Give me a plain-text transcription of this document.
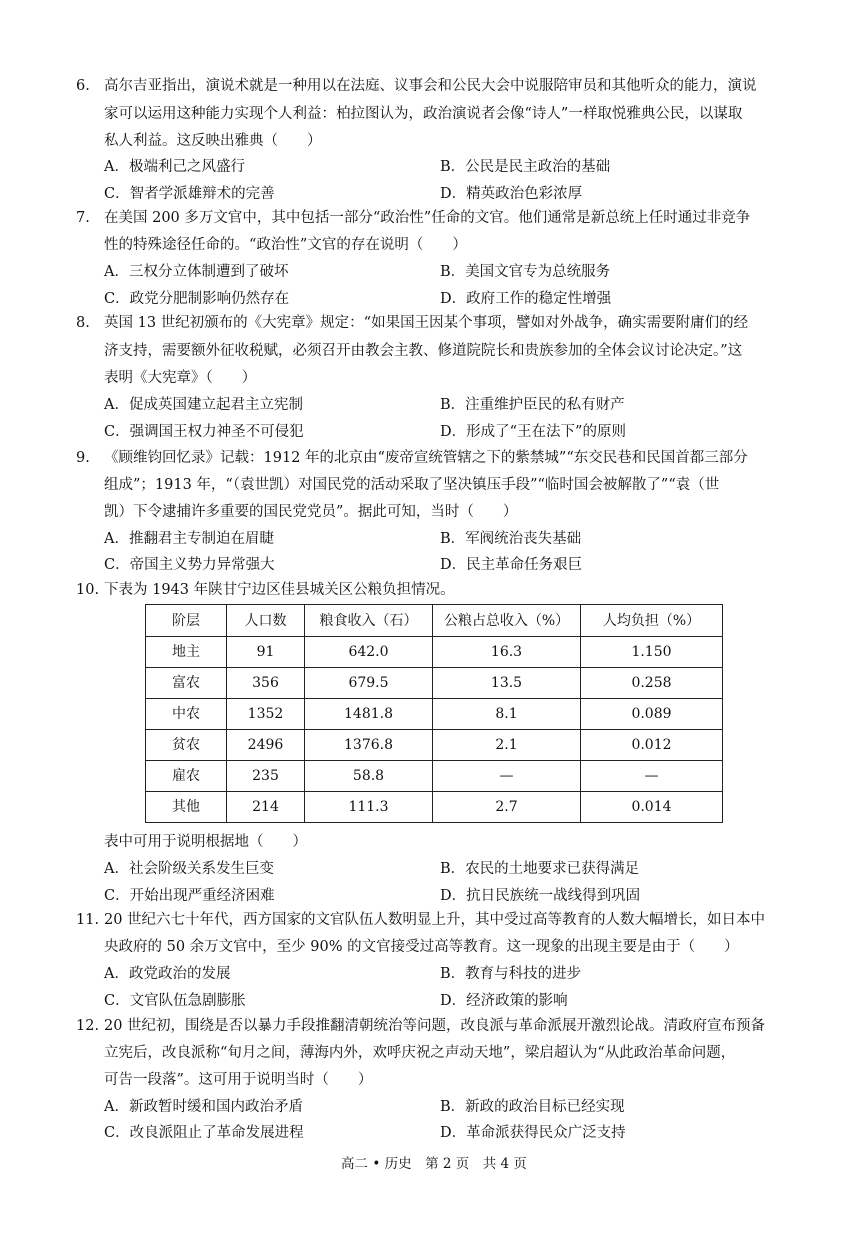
6. 高尔吉亚指出，演说术就是一种用以在法庭、议事会和公民大会中说服陪审员和其他听众的能力，演说
家可以运用这种能力实现个人利益：柏拉图认为，政治演说者会像“诗人”一样取悦雅典公民，以谋取
私人利益。这反映出雅典（　　）
A．极端利己之风盛行	B．公民是民主政治的基础
C．智者学派雄辩术的完善	D．精英政治色彩浓厚
7. 在美国 200 多万文官中，其中包括一部分“政治性”任命的文官。他们通常是新总统上任时通过非竞争
性的特殊途径任命的。“政治性”文官的存在说明（　　）
A．三权分立体制遭到了破坏	B．美国文官专为总统服务
C．政党分肥制影响仍然存在	D．政府工作的稳定性增强
8. 英国 13 世纪初颁布的《大宪章》规定：“如果国王因某个事项，譬如对外战争，确实需要附庸们的经
济支持，需要额外征收税赋，必须召开由教会主教、修道院院长和贵族参加的全体会议讨论决定。”这
表明《大宪章》（　　）
A．促成英国建立起君主立宪制	B．注重维护臣民的私有财产
C．强调国王权力神圣不可侵犯	D．形成了“王在法下”的原则
9. 《顾维钧回忆录》记载：1912 年的北京由“废帝宣统管辖之下的紫禁城”“东交民巷和民国首都三部分
组成”；1913 年，“（袁世凯）对国民党的活动采取了坚决镇压手段”“临时国会被解散了”“袁（世
凯）下令逮捕许多重要的国民党党员”。据此可知，当时（　　）
A．推翻君主专制迫在眉睫	B．军阀统治丧失基础
C．帝国主义势力异常强大	D．民主革命任务艰巨
10. 下表为 1943 年陕甘宁边区佳县城关区公粮负担情况。
阶层	人口数	粮食收入（石）	公粮占总收入（%）	人均负担（%）
地主	91	642.0	16.3	1.150
富农	356	679.5	13.5	0.258
中农	1352	1481.8	8.1	0.089
贫农	2496	1376.8	2.1	0.012
雇农	235	58.8	—	—
其他	214	111.3	2.7	0.014
表中可用于说明根据地（　　）
A．社会阶级关系发生巨变	B．农民的土地要求已获得满足
C．开始出现严重经济困难	D．抗日民族统一战线得到巩固
11. 20 世纪六七十年代，西方国家的文官队伍人数明显上升，其中受过高等教育的人数大幅增长，如日本中
央政府的 50 余万文官中，至少 90% 的文官接受过高等教育。这一现象的出现主要是由于（　　）
A．政党政治的发展	B．教育与科技的进步
C．文官队伍急剧膨胀	D．经济政策的影响
12. 20 世纪初，围绕是否以暴力手段推翻清朝统治等问题，改良派与革命派展开激烈论战。清政府宣布预备
立宪后，改良派称“旬月之间，薄海内外，欢呼庆祝之声动天地”，梁启超认为“从此政治革命问题，
可告一段落”。这可用于说明当时（　　）
A．新政暂时缓和国内政治矛盾	B．新政的政治目标已经实现
C．改良派阻止了革命发展进程	D．革命派获得民众广泛支持
高二 • 历史　第 2 页　共 4 页
